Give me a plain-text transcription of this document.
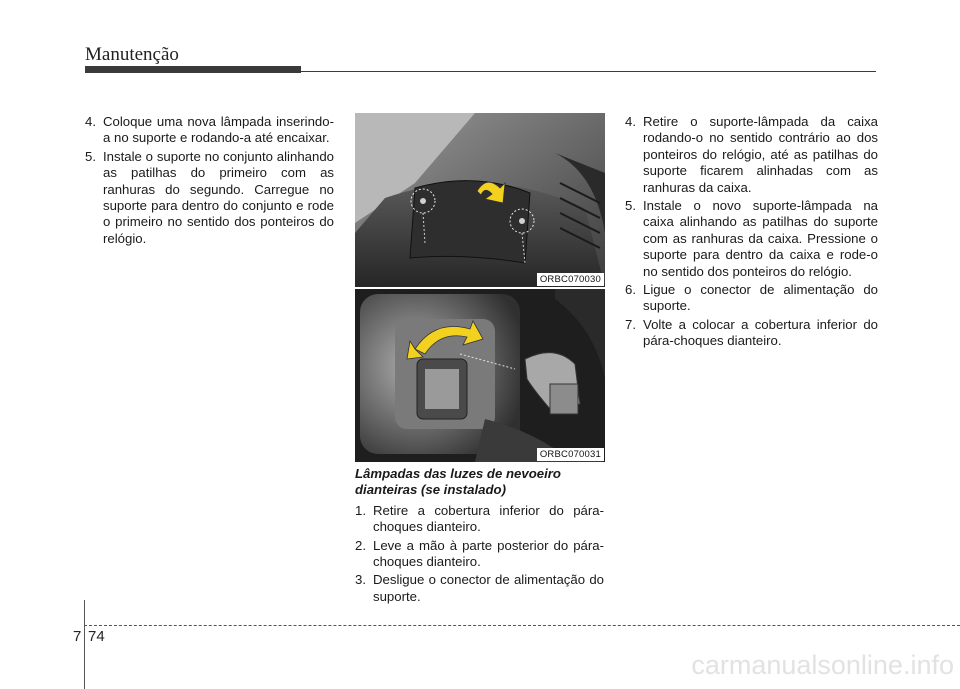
Manutenção

4. Coloque uma nova lâmpada inserindo-a no suporte e rodando-a até encaixar.

5. Instale o suporte no conjunto alinhando as patilhas do primeiro com as ranhuras do segundo. Carregue no suporte para dentro do conjunto e rode o primeiro no sentido dos ponteiros do relógio.

ORBC070030
ORBC070031

Lâmpadas das luzes de nevoeiro dianteiras (se instalado)

1. Retire a cobertura inferior do pára-choques dianteiro.

2. Leve a mão à parte posterior do pára-choques dianteiro.

3. Desligue o conector de alimentação do suporte.

4. Retire o suporte-lâmpada da caixa rodando-o no sentido contrário ao dos ponteiros do relógio, até as patilhas do suporte ficarem alinhadas com as ranhuras da caixa.

5. Instale o novo suporte-lâmpada na caixa alinhando as patilhas do suporte com as ranhuras da caixa. Pressione o suporte para dentro da caixa e rode-o no sentido dos ponteiros do relógio.

6. Ligue o conector de alimentação do suporte.

7. Volte a colocar a cobertura inferior do pára-choques dianteiro.

7 74
carmanualsonline.info
